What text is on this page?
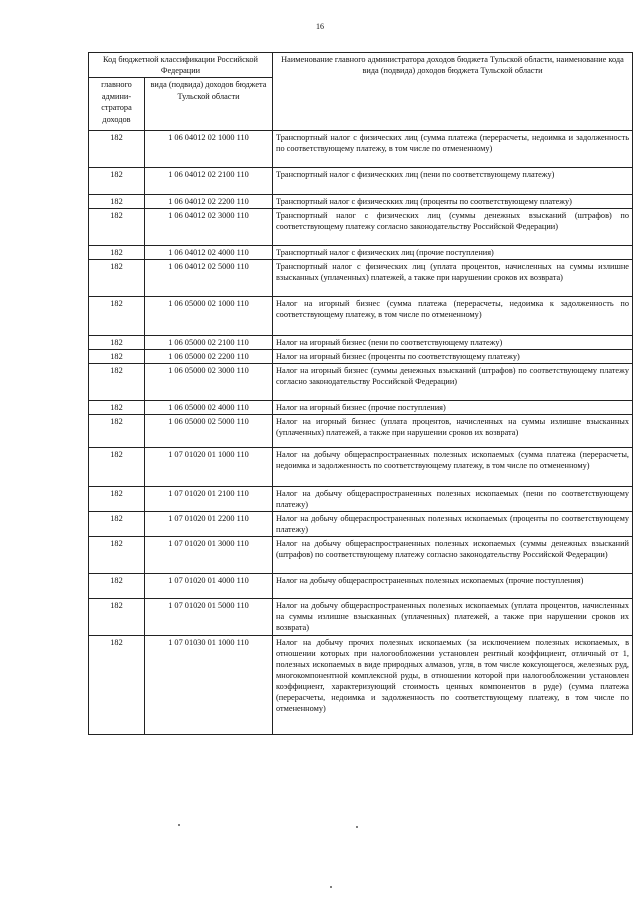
16
Код бюджетной классификации Российской Федерации		Наименование главного администратора доходов бюджета Тульской области, наименование кода вида (подвида) доходов бюджета Тульской области
главного админи-стратора доходов	вида (подвида) доходов бюджета Тульской области	
182	1 06 04012 02 1000 110	Транспортный налог с физических лиц (сумма платежа (перерасчеты, недоимка и задолженность по соответствующему платежу, в том числе по отмененному)
182	1 06 04012 02 2100 110	Транспортный налог с физическких лиц (пени по соответствующему платежу)
182	1 06 04012 02 2200 110	Транспортный налог с физическких лиц (проценты по соответствующему платежу)
182	1 06 04012 02 3000 110	Транспортный налог с физических лиц (суммы денежных взысканий (штрафов) по соответствующему платежу согласно законодательству Российской Федерации)
182	1 06 04012 02 4000 110	Транспортный налог с физических лиц (прочие поступления)
182	1 06 04012 02 5000 110	Транспортный налог с физических лиц (уплата процентов, начисленных на суммы излишне взысканных (уплаченных) платежей, а также при нарушении сроков их возврата)
182	1 06 05000 02 1000 110	Налог на игорный бизнес (сумма платежа (перерасчеты, недоимка к задолженность по соответствующему платежу, в том числе по отмененному)
182	1 06 05000 02 2100 110	Налог на игорный бизнес (пени по соответствующему платежу)
182	1 06 05000 02 2200 110	Налог на игорный бизнес (проценты по соответствующему платежу)
182	1 06 05000 02 3000 110	Налог на игорный бизнес (суммы денежных взысканий (штрафов) по соответствующему платежу согласно законодательству Российской Федерации)
182	1 06 05000 02 4000 110	Налог на игорный бизнес (прочие поступления)
182	1 06 05000 02 5000 110	Налог на игорный бизнес (уплата процентов, начисленных на суммы излишне взысканных (уплаченных) платежей, а также при нарушении сроков их возврата)
182	1 07 01020 01 1000 110	Налог на добычу общераспространенных полезных ископаемых (сумма платежа (перерасчеты, недоимка и задолженность по соответствующему платежу, в том числе по отмененному)
182	1 07 01020 01 2100 110	Налог на добычу общераспространенных полезных ископаемых (пени по соответствующему платежу)
182	1 07 01020 01 2200 110	Налог на добычу общераспространенных полезных ископаемых (проценты по соответствующему платежу)
182	1 07 01020 01 3000 110	Налог на добычу общераспространенных полезных ископаемых (суммы денежных взысканий (штрафов) по соответствующему платежу согласно законодательству Российской Федерации)
182	1 07 01020 01 4000 110	Налог на добычу общераспространенных полезных ископаемых (прочие поступления)
182	1 07 01020 01 5000 110	Налог на добычу общераспространенных полезных ископаемых (уплата процентов, начисленных на суммы излишне взысканных (уплаченных) платежей, а также при нарушении сроков их возврата)
182	1 07 01030 01 1000 110	Налог на добычу прочих полезных ископаемых (за исключением полезных ископаемых, в отношении которых при налогообложении установлен рентный коэффициент, отличный от 1, полезных ископаемых в виде природных алмазов, угля, в том числе коксующегося, железных руд, многокомпонентной комплексной руды, в отношении которой при налогообложении установлен коэффициент, характеризующий стоимость ценных компонентов в руде) (сумма платежа (перерасчеты, недоимка и задолженность по соответствующему платежу, в том числе по отмененному)
